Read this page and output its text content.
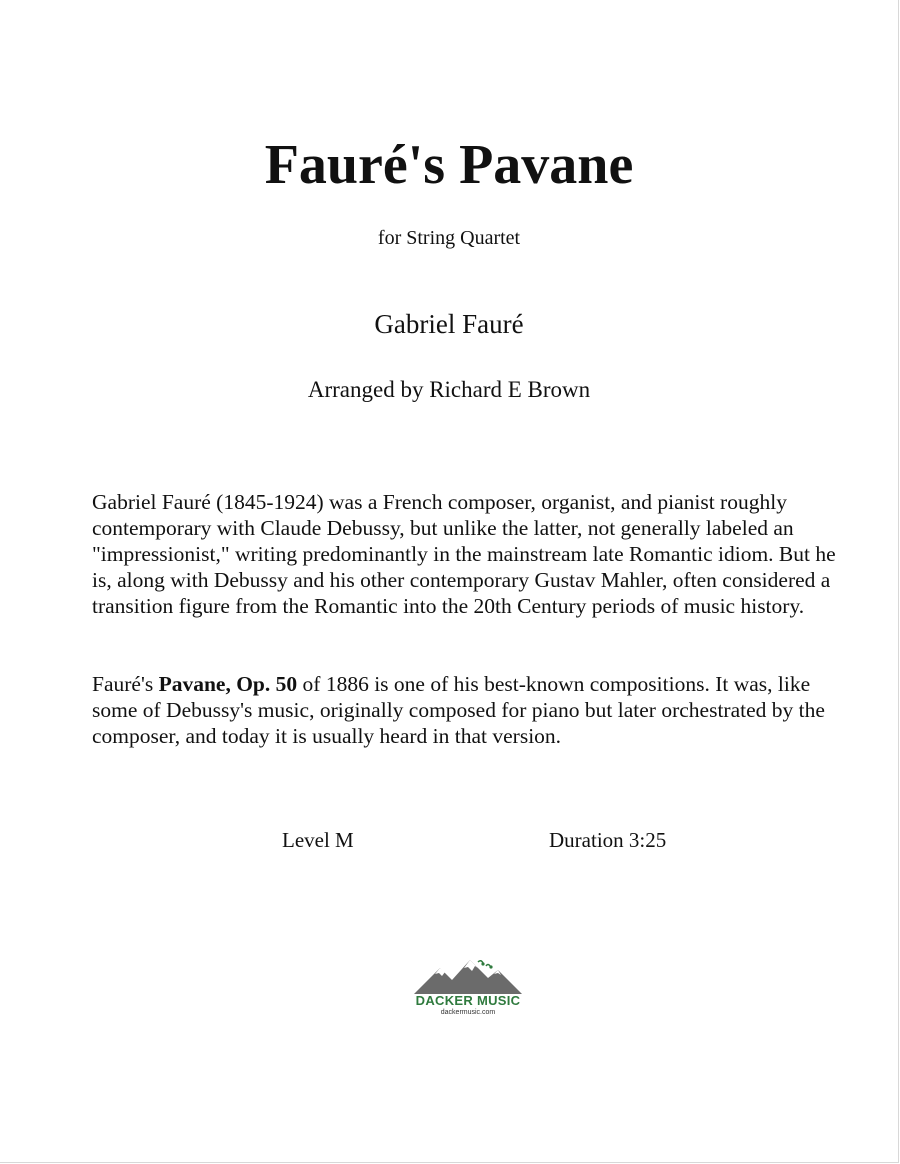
Fauré's Pavane
for String Quartet
Gabriel Fauré
Arranged by Richard E Brown

Gabriel Fauré (1845-1924) was a French composer, organist, and pianist roughly contemporary with Claude Debussy, but unlike the latter, not generally labeled an "impressionist," writing predominantly in the mainstream late Romantic idiom. But he is, along with Debussy and his other contemporary Gustav Mahler, often considered a transition figure from the Romantic into the 20th Century periods of music history.

Fauré's Pavane, Op. 50 of 1886 is one of his best-known compositions. It was, like some of Debussy's music, originally composed for piano but later orchestrated by the composer, and today it is usually heard in that version.

Level M	Duration 3:25
DACKER MUSIC
dackermusic.com
